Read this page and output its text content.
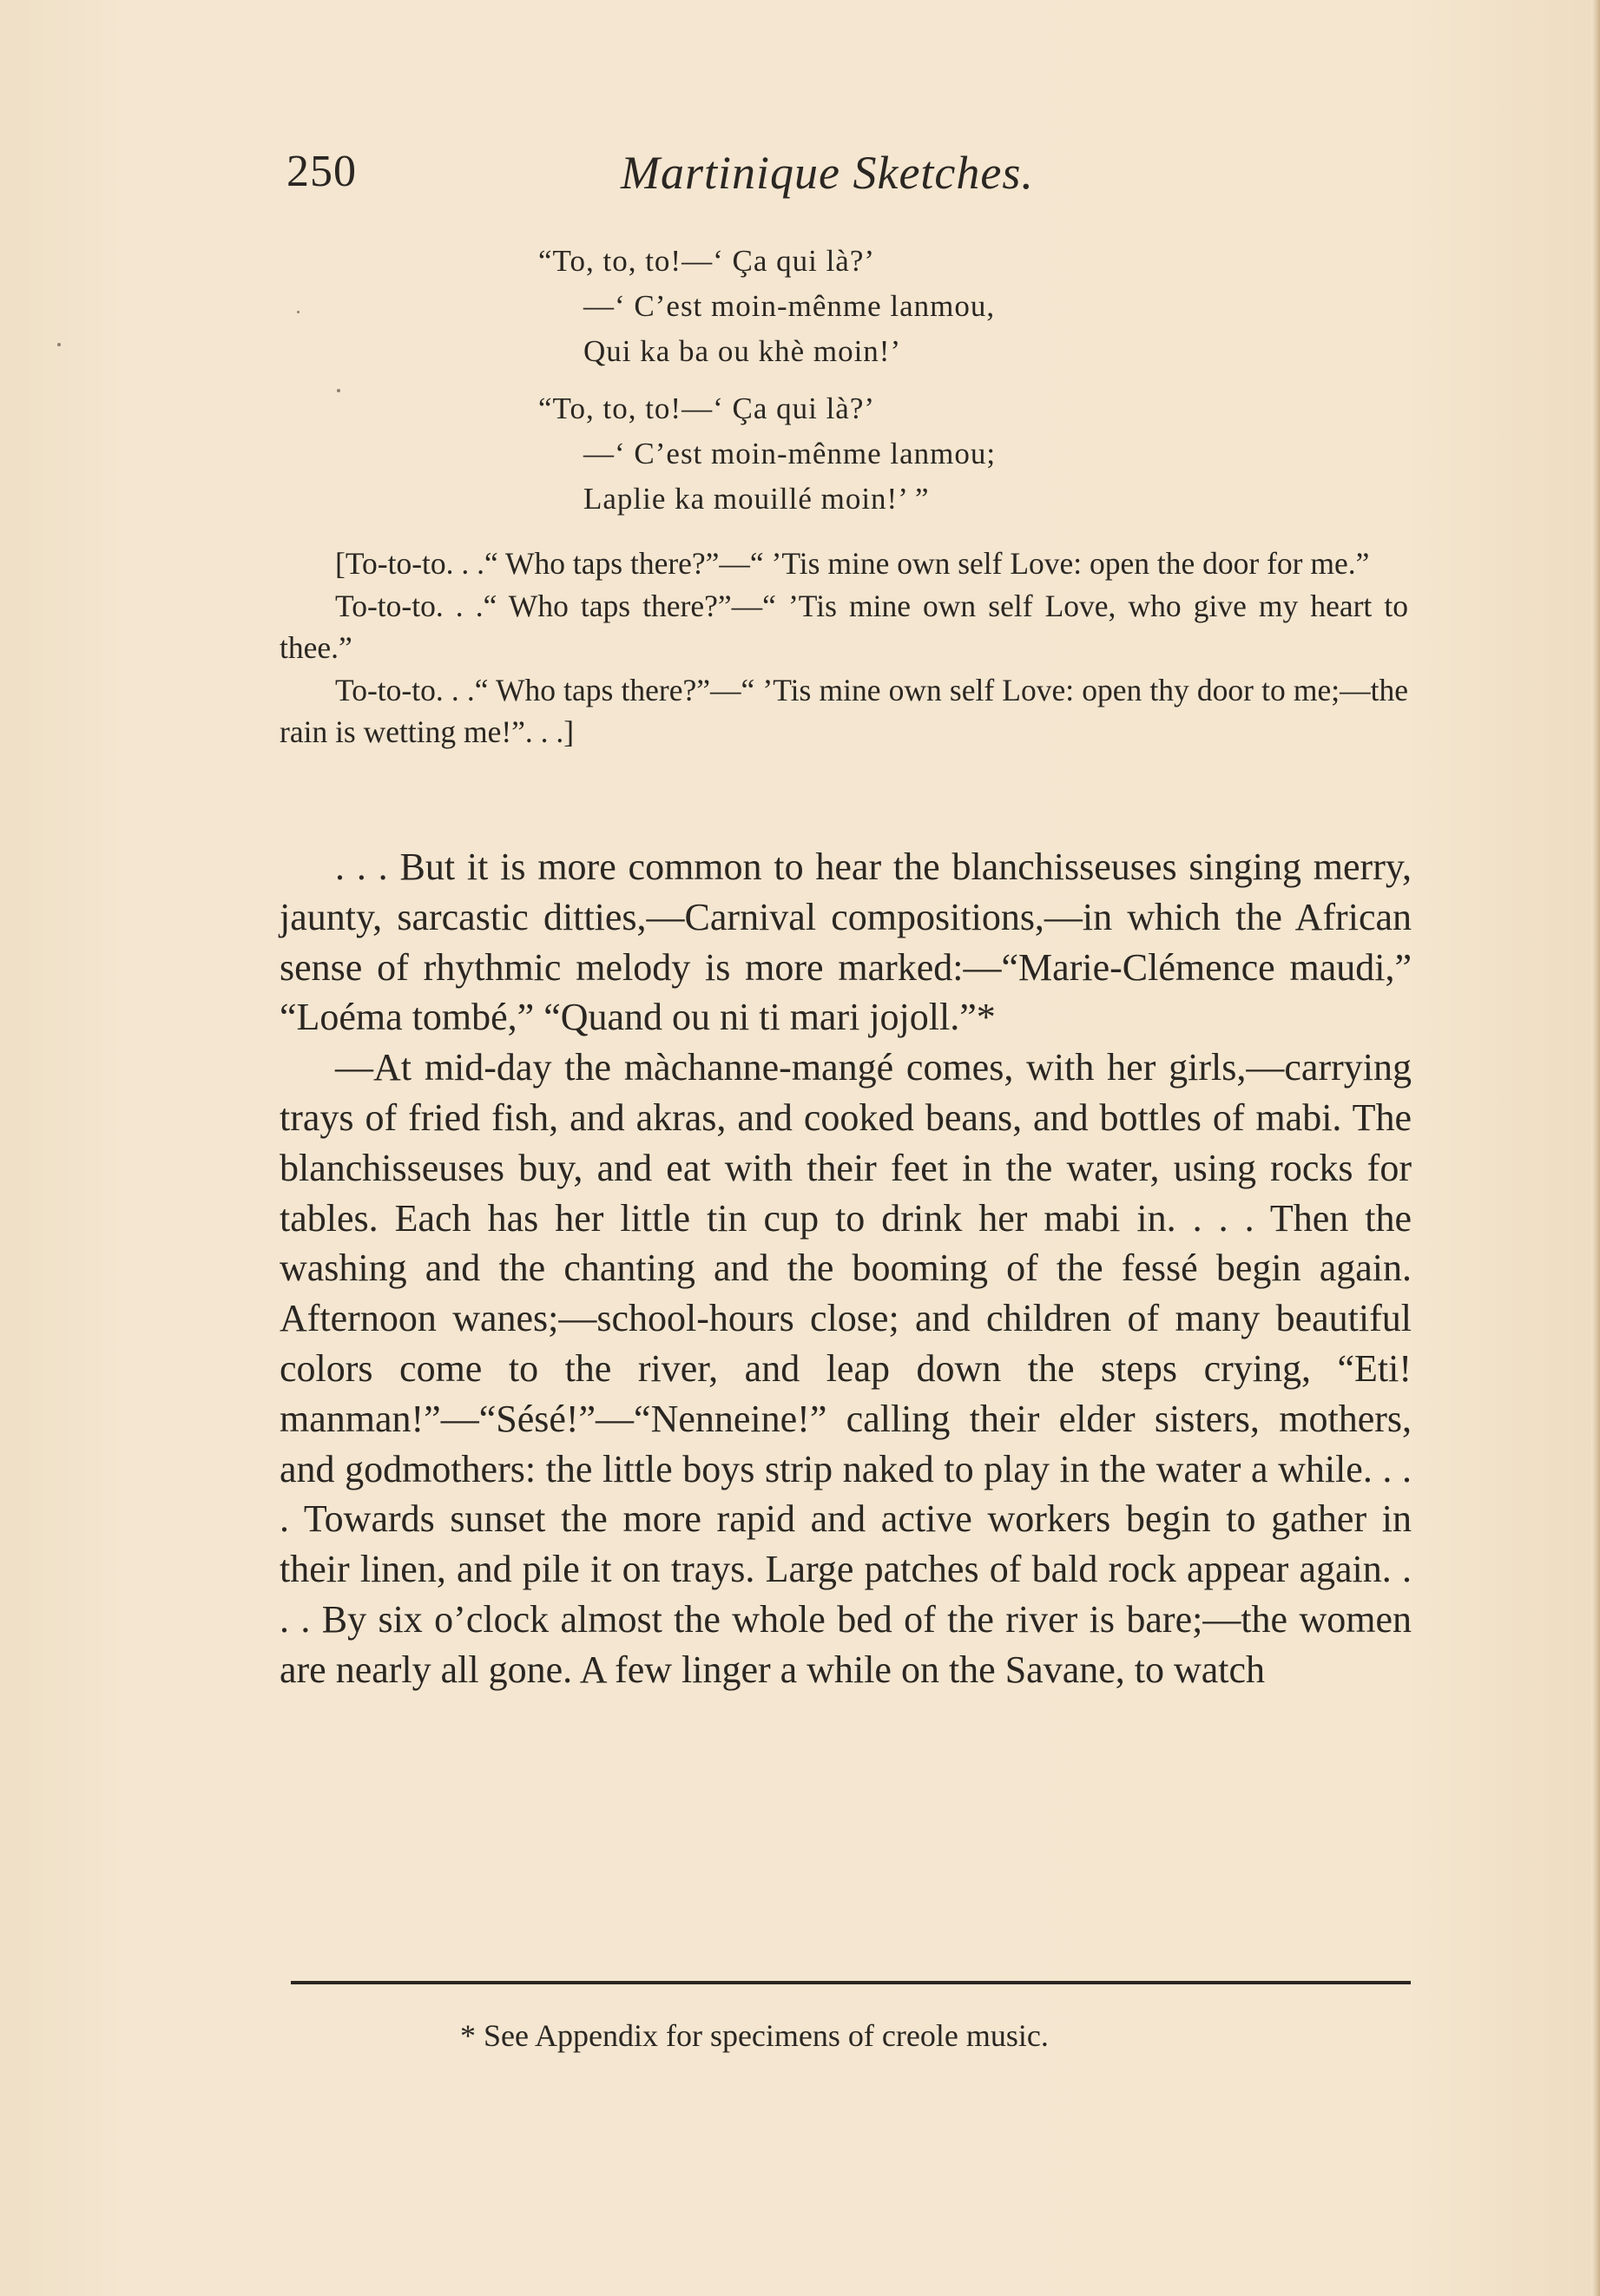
250	Martinique Sketches.
“To, to, to!—‘ Ça qui là?’
—‘ C’est moin-mênme lanmou,
Qui ka ba ou khè moin!’
“To, to, to!—‘ Ça qui là?’
—‘ C’est moin-mênme lanmou;
Laplie ka mouillé moin!’ ”

[To-to-to. . .“ Who taps there?”—“ ’Tis mine own self Love: open the door for me.”

To-to-to. . .“ Who taps there?”—“ ’Tis mine own self Love, who give my heart to thee.”

To-to-to. . .“ Who taps there?”—“ ’Tis mine own self Love: open thy door to me;—the rain is wetting me!”. . .]

. . . But it is more common to hear the blanchisseuses singing merry, jaunty, sarcastic ditties,—Carnival compositions,—in which the African sense of rhythmic melody is more marked:—“Marie-Clémence maudi,” “Loéma tombé,” “Quand ou ni ti mari jojoll.”*

—At mid-day the màchanne-mangé comes, with her girls,—carrying trays of fried fish, and akras, and cooked beans, and bottles of mabi. The blanchisseuses buy, and eat with their feet in the water, using rocks for tables. Each has her little tin cup to drink her mabi in. . . . Then the washing and the chanting and the booming of the fessé begin again. Afternoon wanes;—school-hours close; and children of many beautiful colors come to the river, and leap down the steps crying, “Eti! manman!”—“Sésé!”—“Nenneine!” calling their elder sisters, mothers, and godmothers: the little boys strip naked to play in the water a while. . . . Towards sunset the more rapid and active workers begin to gather in their linen, and pile it on trays. Large patches of bald rock appear again. . . . By six o’clock almost the whole bed of the river is bare;—the women are nearly all gone. A few linger a while on the Savane, to watch

* See Appendix for specimens of creole music.
